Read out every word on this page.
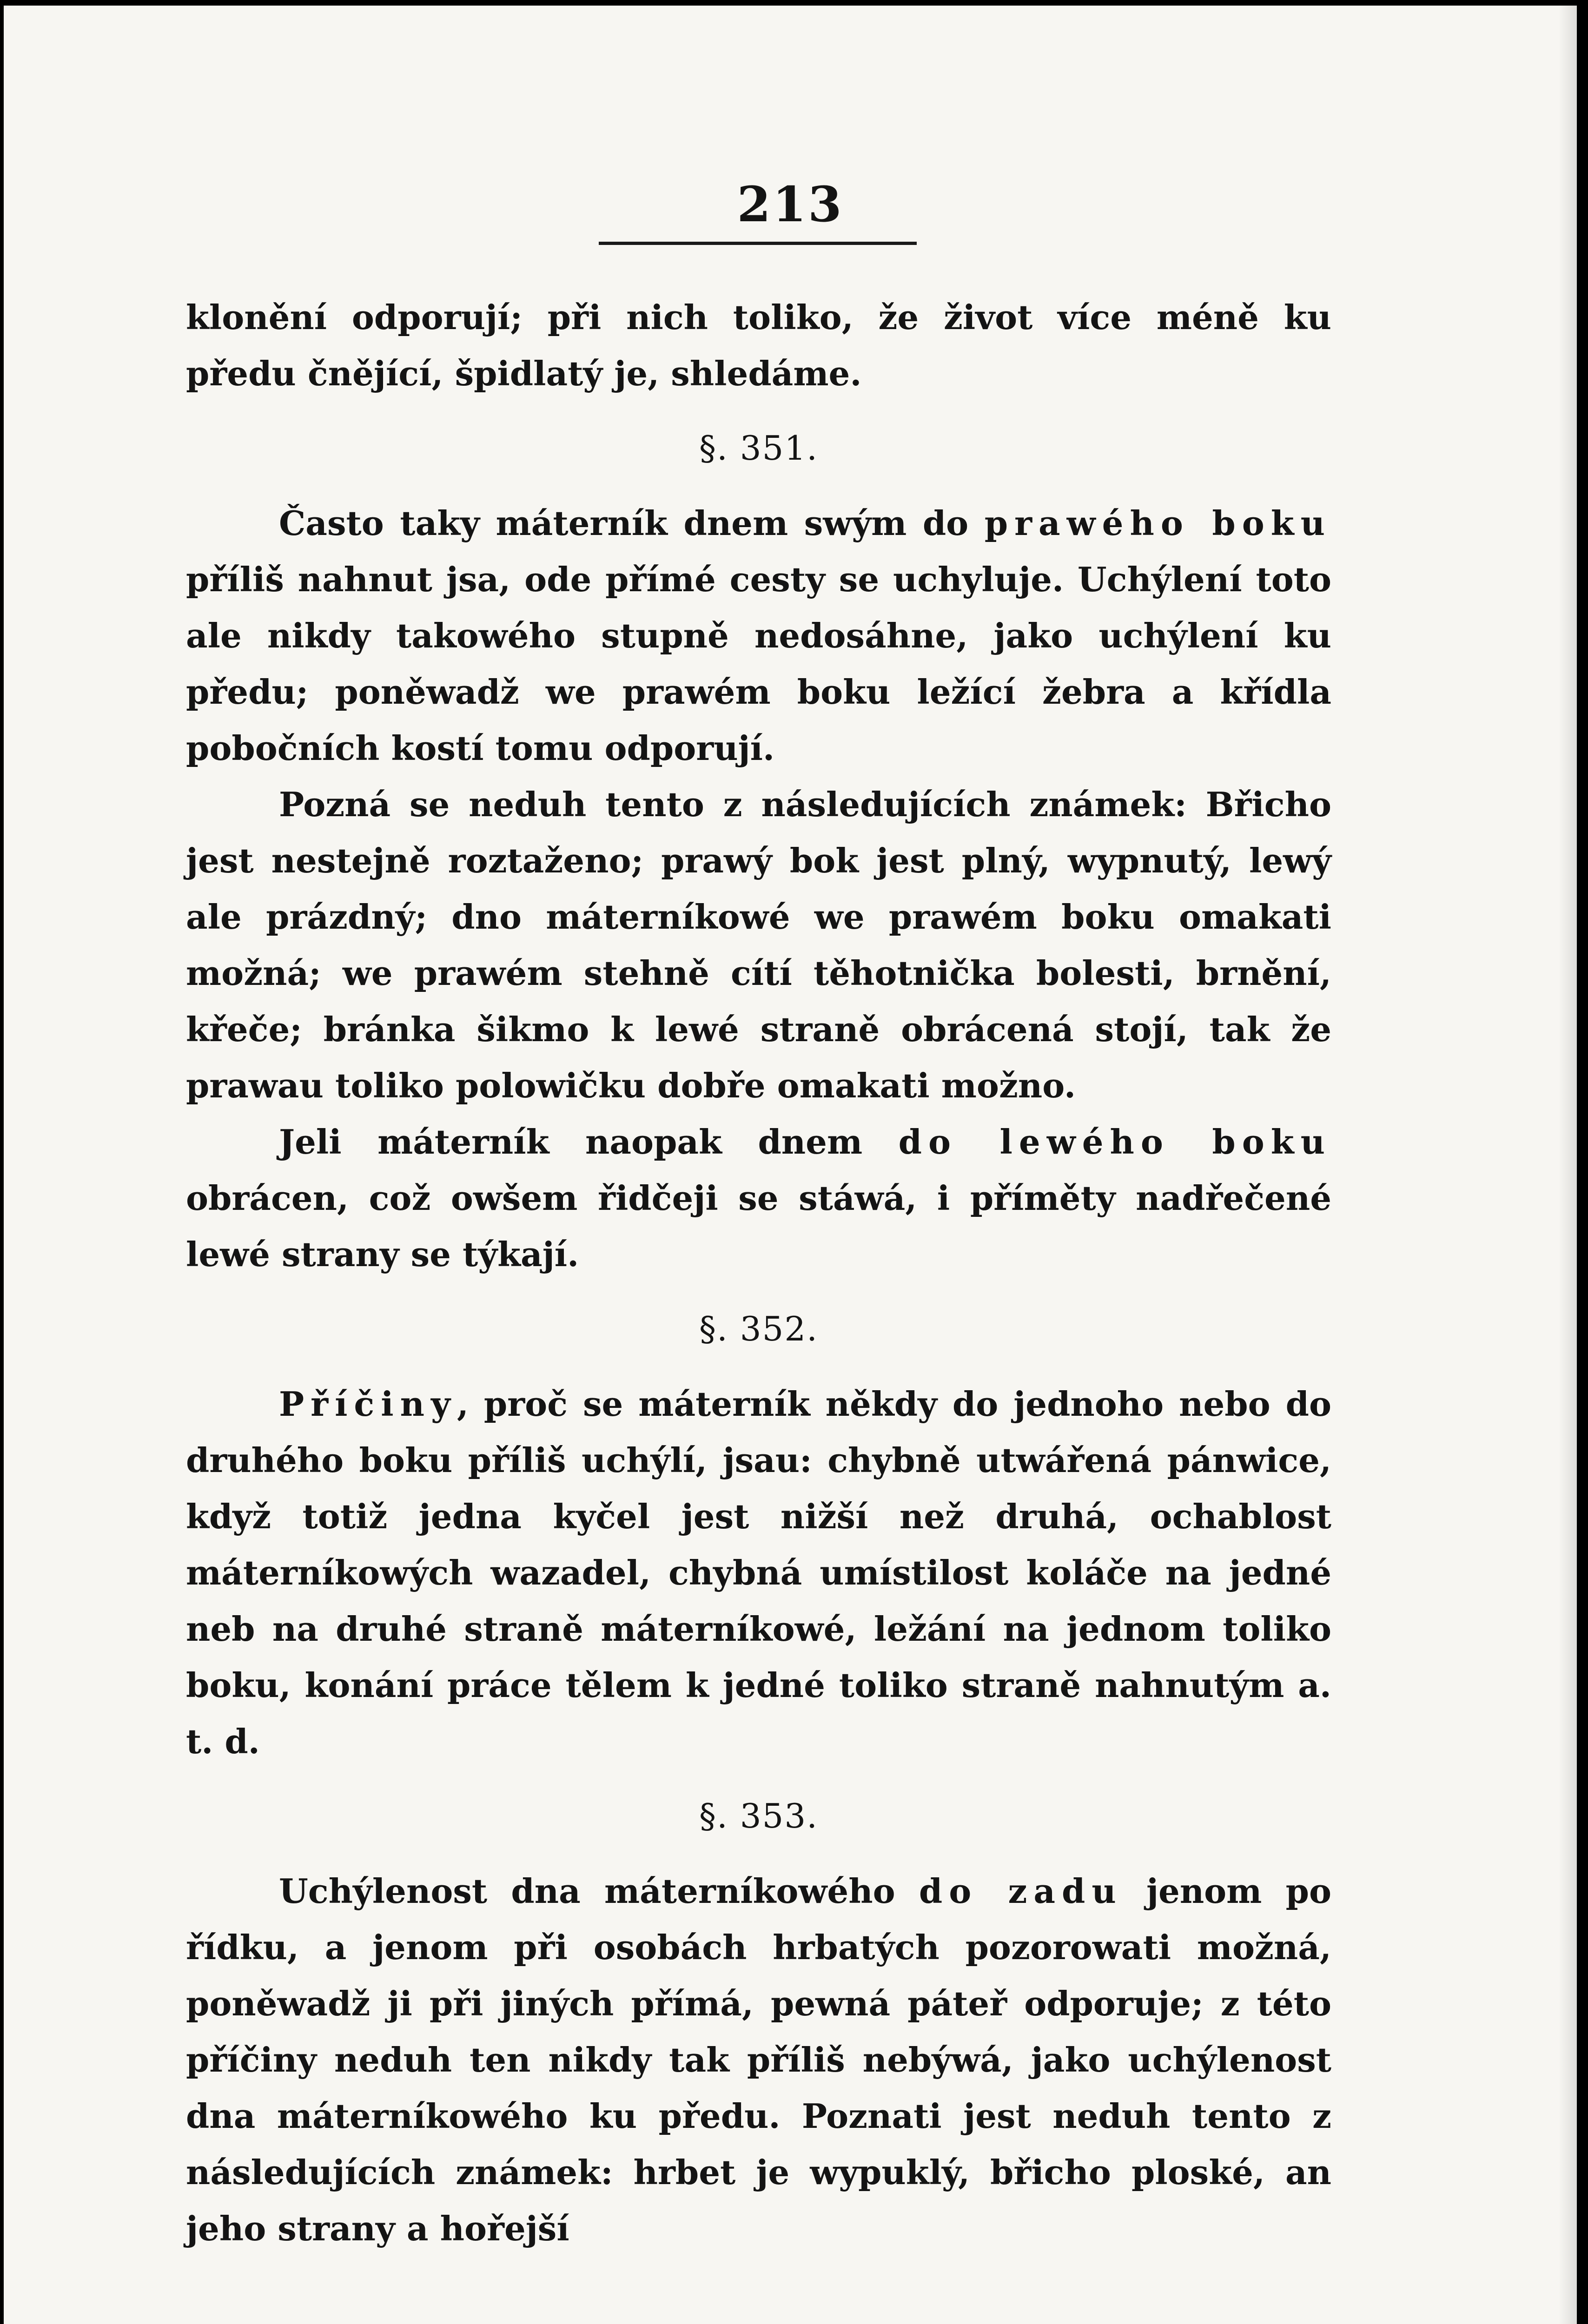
213

klonění odporují; při nich toliko, že život více méně ku předu čnějící, špidlatý je, shledáme.

§. 351.

Často taky máterník dnem swým do prawého boku příliš nahnut jsa, ode přímé cesty se uchyluje. Uchýlení toto ale nikdy takowého stupně nedosáhne, jako uchýlení ku předu; poněwadž we prawém boku ležící žebra a křídla pobočních kostí tomu odporují.

Pozná se neduh tento z následujících známek: Břicho jest nestejně roztaženo; prawý bok jest plný, wypnutý, lewý ale prázdný; dno máterníkowé we prawém boku omakati možná; we prawém stehně cítí těhotnička bolesti, brnění, křeče; bránka šikmo k lewé straně obrácená stojí, tak že prawau toliko polowičku dobře omakati možno.

Jeli máterník naopak dnem do lewého boku obrácen, což owšem řidčeji se stáwá, i příměty nadřečené lewé strany se týkají.

§. 352.

Příčiny, proč se máterník někdy do jednoho nebo do druhého boku příliš uchýlí, jsau: chybně utwářená pánwice, když totiž jedna kyčel jest nižší než druhá, ochablost máterníkowých wazadel, chybná umístilost koláče na jedné neb na druhé straně máterníkowé, ležání na jednom toliko boku, konání práce tělem k jedné toliko straně nahnutým a. t. d.

§. 353.

Uchýlenost dna máterníkowého do zadu jenom po řídku, a jenom při osobách hrbatých pozorowati možná, poněwadž ji při jiných přímá, pewná páteř odporuje; z této příčiny neduh ten nikdy tak příliš nebýwá, jako uchýlenost dna máterníkowého ku předu. Poznati jest neduh tento z následujících známek: hrbet je wypuklý, břicho ploské, an jeho strany a hořejší
